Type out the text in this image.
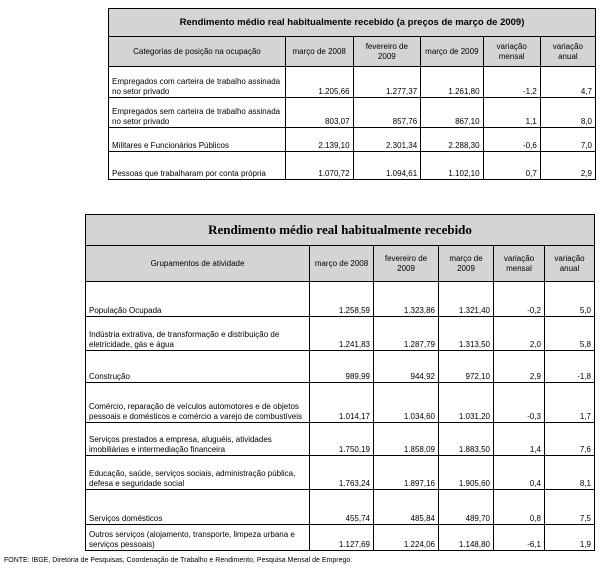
Rendimento médio real habitualmente recebido (a preços de março de 2009)					
Categorias de posição na ocupação	março de 2008	fevereiro de 2009	março de 2009	variação mensal	variação anual
Empregados com carteira de trabalho assinada no setor privado	1.205,66	1.277,37	1.261,80	-1,2	4,7
Empregados sem carteira de trabalho assinada no setor privado	803,07	857,76	867,10	1,1	8,0
Militares e Funcionários Públicos	2.139,10	2.301,34	2.288,30	-0,6	7,0
Pessoas que trabalharam por conta própria	1.070,72	1.094,61	1.102,10	0,7	2,9
Rendimento médio real habitualmente recebido					
Grupamentos de atividade	março de 2008	fevereiro de 2009	março de 2009	variação mensal	variação anual
População Ocupada	1.258,59	1.323,86	1.321,40	-0,2	5,0
Indústria extrativa, de transformação e distribuição de eletricidade, gás e água	1.241,83	1.287,79	1.313,50	2,0	5,8
Construção	989,99	944,92	972,10	2,9	-1,8
Comércio, reparação de veículos automotores e de objetos pessoais e domésticos e comércio a varejo de combustíveis	1.014,17	1.034,60	1.031,20	-0,3	1,7
Serviços prestados a empresa, aluguéis, atividades imobiliárias e intermediação financeira	1.750,19	1.858,09	1.883,50	1,4	7,6
Educação, saúde, serviços sociais, administração pública, defesa e seguridade social	1.763,24	1.897,16	1.905,60	0,4	8,1
Serviços domésticos	455,74	485,84	489,70	0,8	7,5
Outros serviços (alojamento, transporte, limpeza urbana e serviços pessoais)	1.127,69	1.224,06	1.148,80	-6,1	1,9
FONTE: IBGE, Diretoria de Pesquisas, Coordenação de Trabalho e Rendimento, Pesquisa Mensal de Emprego.
